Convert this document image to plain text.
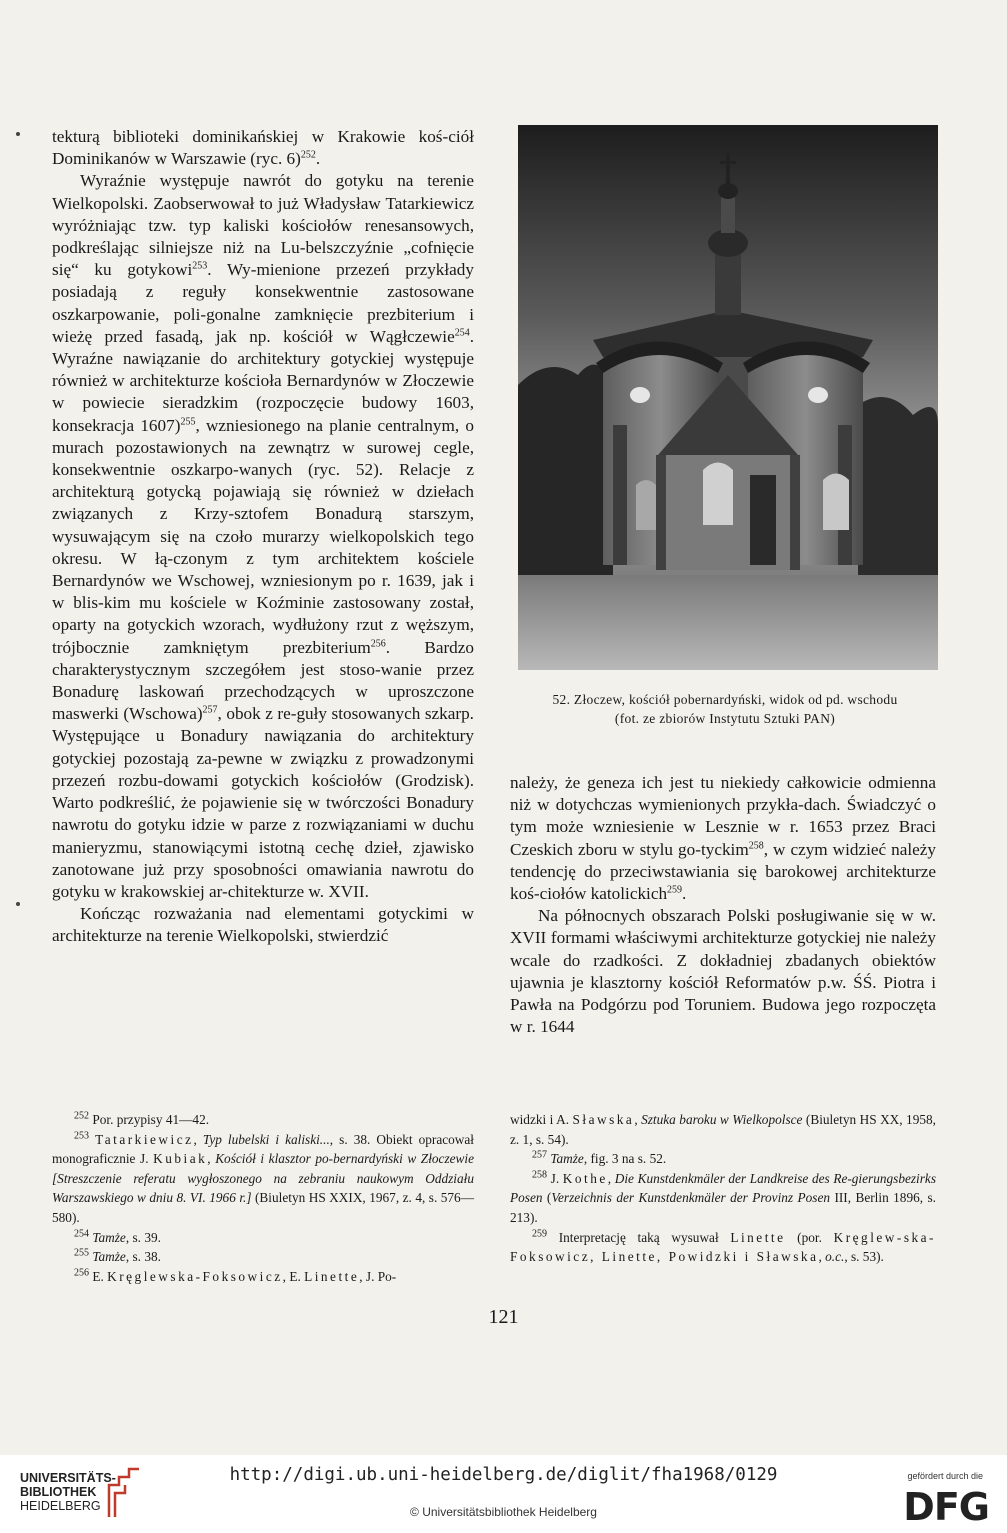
tekturą biblioteki dominikańskiej w Krakowie koś-ciół Dominikanów w Warszawie (ryc. 6)$^{252}$.

Wyraźnie występuje nawrót do gotyku na terenie Wielkopolski. Zaobserwował to już Władysław Tatarkiewicz wyróżniając tzw. typ kaliski kościołów renesansowych, podkreślając silniejsze niż na Lu-belszczyźnie „cofnięcie się“ ku gotykowi$^{253}$. Wy-mienione przezeń przykłady posiadają z reguły konsekwentnie zastosowane oszkarpowanie, poli-gonalne zamknięcie prezbiterium i wieżę przed fasadą, jak np. kościół w Wągłczewie$^{254}$. Wyraźne nawiązanie do architektury gotyckiej występuje również w architekturze kościoła Bernardynów w Złoczewie w powiecie sieradzkim (rozpoczęcie budowy 1603, konsekracja 1607)$^{255}$, wzniesionego na planie centralnym, o murach pozostawionych na zewnątrz w surowej cegle, konsekwentnie oszkarpo-wanych (ryc. 52). Relacje z architekturą gotycką pojawiają się również w dziełach związanych z Krzy-sztofem Bonadurą starszym, wysuwającym się na czoło murarzy wielkopolskich tego okresu. W łą-czonym z tym architektem kościele Bernardynów we Wschowej, wzniesionym po r. 1639, jak i w blis-kim mu kościele w Koźminie zastosowany został, oparty na gotyckich wzorach, wydłużony rzut z węższym, trójbocznie zamkniętym prezbiterium$^{256}$. Bardzo charakterystycznym szczegółem jest stoso-wanie przez Bonadurę laskowań przechodzących w uproszczone maswerki (Wschowa)$^{257}$, obok z re-guły stosowanych szkarp. Występujące u Bonadury nawiązania do architektury gotyckiej pozostają za-pewne w związku z prowadzonymi przezeń rozbu-dowami gotyckich kościołów (Grodzisk). Warto podkreślić, że pojawienie się w twórczości Bonadury nawrotu do gotyku idzie w parze z rozwiązaniami w duchu manieryzmu, stanowiącymi istotną cechę dzieł, zjawisko zanotowane już przy sposobności omawiania nawrotu do gotyku w krakowskiej ar-chitekturze w. XVII.

Kończąc rozważania nad elementami gotyckimi w architekturze na terenie Wielkopolski, stwierdzić

52. Złoczew, kościół pobernardyński, widok od pd. wschodu
(fot. ze zbiorów Instytutu Sztuki PAN)

należy, że geneza ich jest tu niekiedy całkowicie odmienna niż w dotychczas wymienionych przykła-dach. Świadczyć o tym może wzniesienie w Lesznie w r. 1653 przez Braci Czeskich zboru w stylu go-tyckim$^{258}$, w czym widzieć należy tendencję do przeciwstawiania się barokowej architekturze koś-ciołów katolickich$^{259}$.

Na północnych obszarach Polski posługiwanie się w w. XVII formami właściwymi architekturze gotyckiej nie należy wcale do rzadkości. Z dokładniej zbadanych obiektów ujawnia je klasztorny kościół Reformatów p.w. ŚŚ. Piotra i Pawła na Podgórzu pod Toruniem. Budowa jego rozpoczęta w r. 1644

$^{252}$ Por. przypisy 41—42.

$^{253}$ Tatarkiewicz, Typ lubelski i kaliski..., s. 38. Obiekt opracował monograficznie J. Kubiak, Kościół i klasztor po-bernardyński w Złoczewie [Streszczenie referatu wygłoszonego na zebraniu naukowym Oddziału Warszawskiego w dniu 8. VI. 1966 r.] (Biuletyn HS XXIX, 1967, z. 4, s. 576—580).

$^{254}$ Tamże, s. 39.

$^{255}$ Tamże, s. 38.

$^{256}$ E. Kręglewska-Foksowicz, E. Linette, J. Po-

widzki i A. Sławska, Sztuka baroku w Wielkopolsce (Biuletyn HS XX, 1958, z. 1, s. 54).

$^{257}$ Tamże, fig. 3 na s. 52.

$^{258}$ J. Kothe, Die Kunstdenkmäler der Landkreise des Re-gierungsbezirks Posen (Verzeichnis der Kunstdenkmäler der Provinz Posen III, Berlin 1896, s. 213).

$^{259}$ Interpretację taką wysuwał Linette (por. Kręglew-ska-Foksowicz, Linette, Powidzki i Sławska, o.c., s. 53).

121
UNIVERSITÄTS-
BIBLIOTHEK
HEIDELBERG
http://digi.ub.uni-heidelberg.de/diglit/fha1968/0129
© Universitätsbibliothek Heidelberg
gefördert durch die
DFG
